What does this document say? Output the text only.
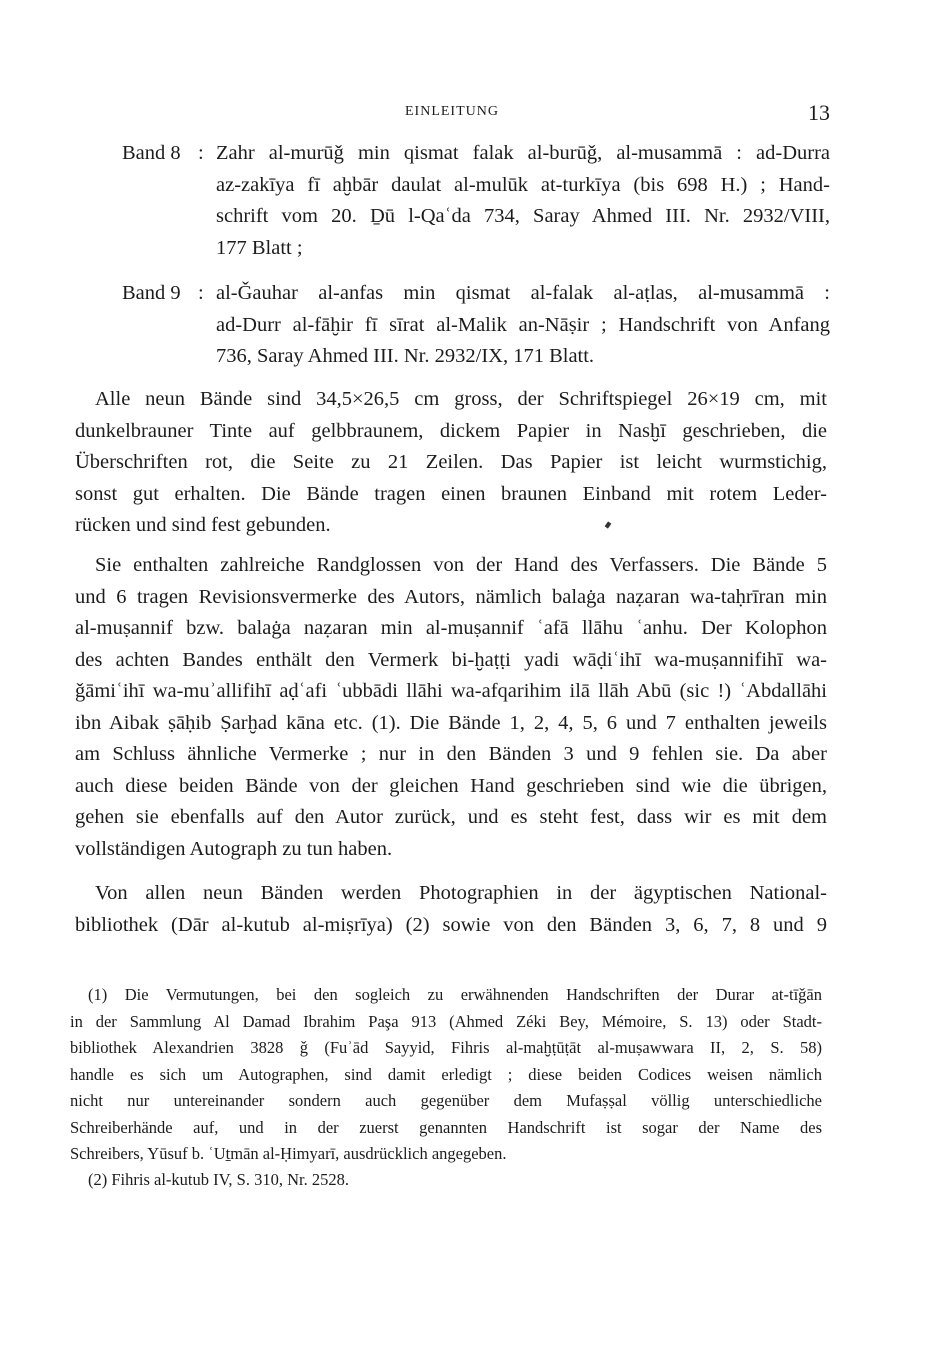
EINLEITUNG	13
Band 8 : Zahr al-murūǧ min qismat falak al-burūǧ, al-musammā : ad-Durra
az-zakīya fī aḫbār daulat al-mulūk at-turkīya (bis 698 H.) ; Hand-
schrift vom 20. Ḏū l-Qaʿda 734, Saray Ahmed III. Nr. 2932/VIII,
177 Blatt ;
Band 9 : al-Ǧauhar al-anfas min qismat al-falak al-aṭlas, al-musammā :
ad-Durr al-fāḫir fī sīrat al-Malik an-Nāṣir ; Handschrift von Anfang
736, Saray Ahmed III. Nr. 2932/IX, 171 Blatt.
Alle neun Bände sind 34,5×26,5 cm gross, der Schriftspiegel 26×19 cm, mit
dunkelbrauner Tinte auf gelbbraunem, dickem Papier in Nasḫī geschrieben, die
Überschriften rot, die Seite zu 21 Zeilen. Das Papier ist leicht wurmstichig,
sonst gut erhalten. Die Bände tragen einen braunen Einband mit rotem Leder-
rücken und sind fest gebunden.
Sie enthalten zahlreiche Randglossen von der Hand des Verfassers. Die Bände 5
und 6 tragen Revisionsvermerke des Autors, nämlich balaġa naẓaran wa-taḥrīran min
al-muṣannif bzw. balaġa naẓaran min al-muṣannif ʿafā llāhu ʿanhu. Der Kolophon
des achten Bandes enthält den Vermerk bi-ḫaṭṭi yadi wāḍiʿihī wa-muṣannifihī wa-
ǧāmiʿihī wa-muʾallifihī aḍʿafi ʿubbādi llāhi wa-afqarihim ilā llāh Abū (sic !) ʿAbdallāhi
ibn Aibak ṣāḥib Ṣarḫad kāna etc. (1). Die Bände 1, 2, 4, 5, 6 und 7 enthalten jeweils
am Schluss ähnliche Vermerke ; nur in den Bänden 3 und 9 fehlen sie. Da aber
auch diese beiden Bände von der gleichen Hand geschrieben sind wie die übrigen,
gehen sie ebenfalls auf den Autor zurück, und es steht fest, dass wir es mit dem
vollständigen Autograph zu tun haben.
Von allen neun Bänden werden Photographien in der ägyptischen National-
bibliothek (Dār al-kutub al-miṣrīya) (2) sowie von den Bänden 3, 6, 7, 8 und 9
(1) Die Vermutungen, bei den sogleich zu erwähnenden Handschriften der Durar at-tīǧān
in der Sammlung Al Damad Ibrahim Paşa 913 (Ahmed Zéki Bey, Mémoire, S. 13) oder Stadt-
bibliothek Alexandrien 3828 ǧ (Fuʾād Sayyid, Fihris al-maḫṭūṭāt al-muṣawwara II, 2, S. 58)
handle es sich um Autographen, sind damit erledigt ; diese beiden Codices weisen nämlich
nicht nur untereinander sondern auch gegenüber dem Mufaṣṣal völlig unterschiedliche
Schreiberhände auf, und in der zuerst genannten Handschrift ist sogar der Name des
Schreibers, Yūsuf b. ʿUṯmān al-Ḥimyarī, ausdrücklich angegeben.
(2) Fihris al-kutub IV, S. 310, Nr. 2528.
